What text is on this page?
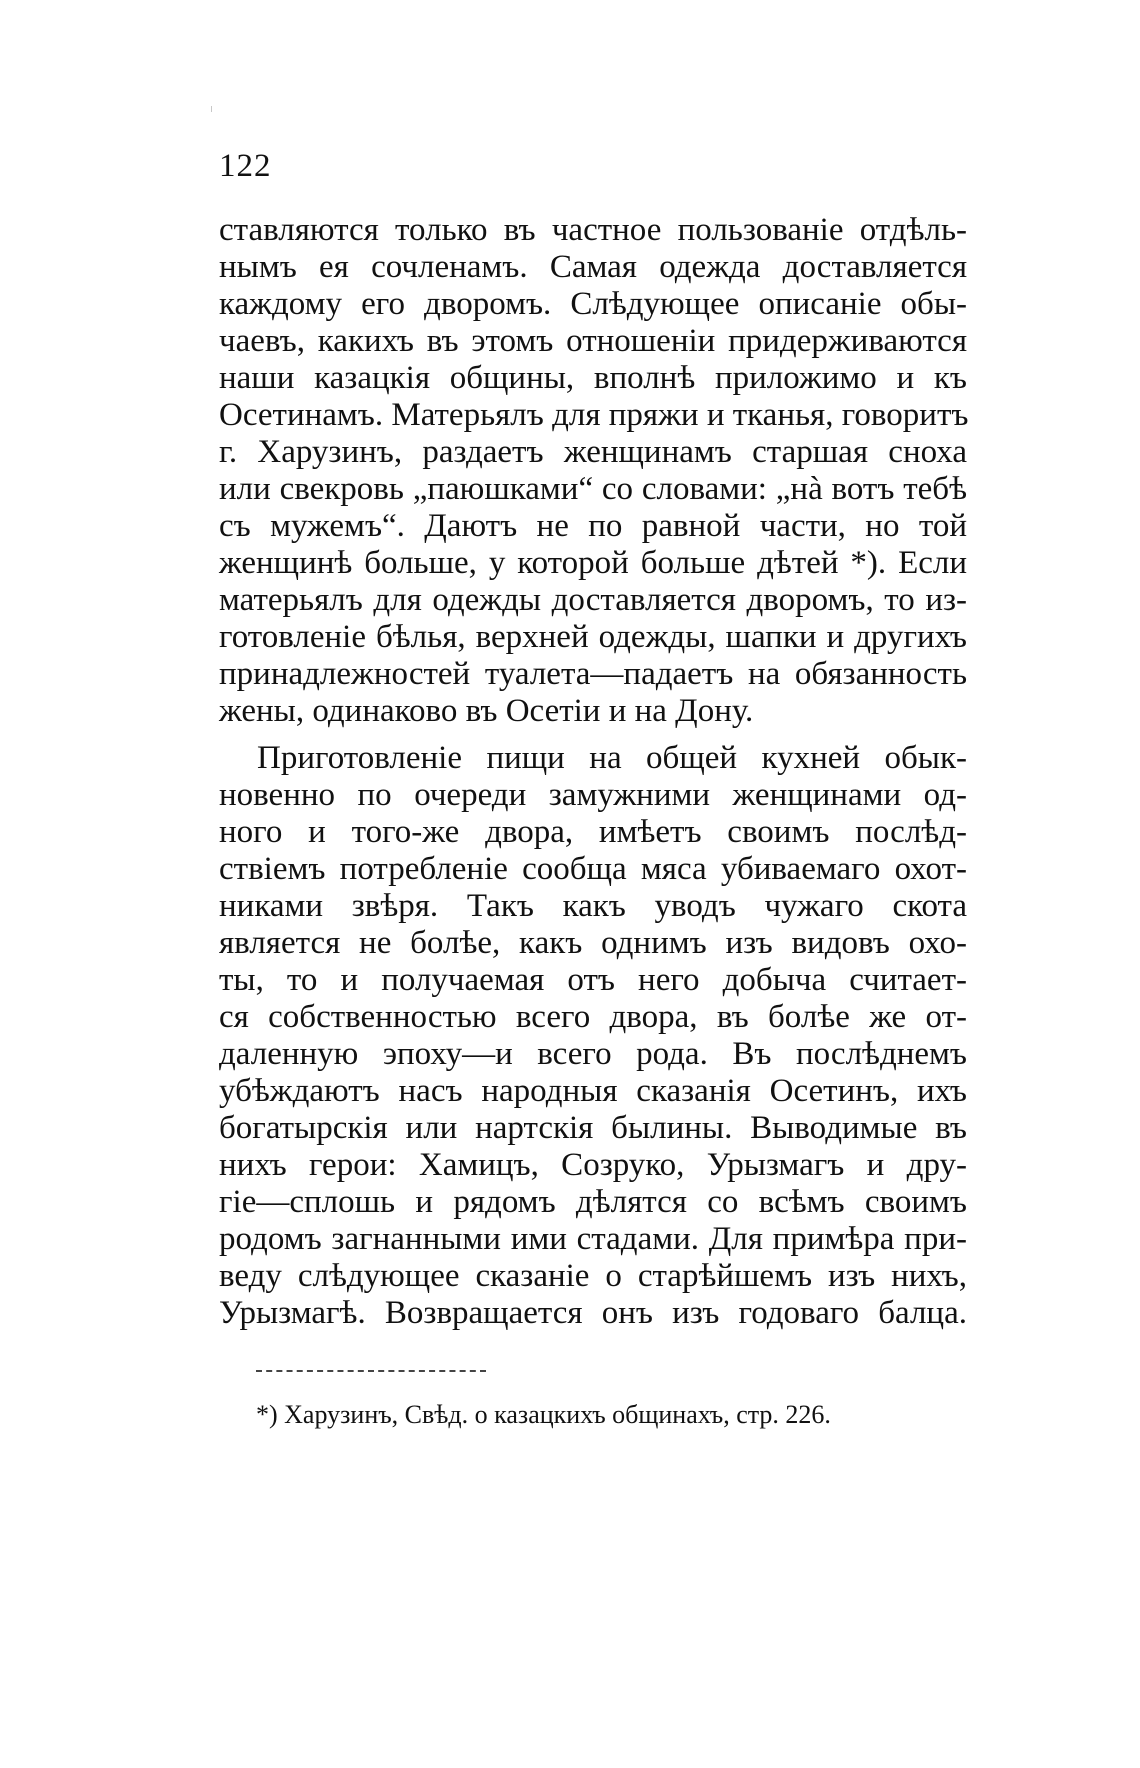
122
ставляются только въ частное пользованіе отдѣль-
нымъ ея сочленамъ. Самая одежда доставляется
каждому его дворомъ. Слѣдующее описаніе обы-
чаевъ, какихъ въ этомъ отношеніи придерживаются
наши казацкія общины, вполнѣ приложимо и къ
Осетинамъ. Матерьялъ для пряжи и тканья, говоритъ
г. Харузинъ, раздаетъ женщинамъ старшая сноха
или свекровь „паюшками“ со словами: „нà вотъ тебѣ
съ мужемъ“. Даютъ не по равной части, но той
женщинѣ больше, у которой больше дѣтей *). Если
матерьялъ для одежды доставляется дворомъ, то из-
готовленіе бѣлья, верхней одежды, шапки и другихъ
принадлежностей туалета—падаетъ на обязанность
жены, одинаково въ Осетіи и на Дону.
Приготовленіе пищи на общей кухней обык-
новенно по очереди замужними женщинами од-
ного и того-же двора, имѣетъ своимъ послѣд-
ствіемъ потребленіе сообща мяса убиваемаго охот-
никами звѣря. Такъ какъ уводъ чужаго скота
является не болѣе, какъ однимъ изъ видовъ охо-
ты, то и получаемая отъ него добыча считает-
ся собственностью всего двора, въ болѣе же от-
даленную эпоху—и всего рода. Въ послѣднемъ
убѣждаютъ насъ народныя сказанія Осетинъ, ихъ
богатырскія или нартскія былины. Выводимые въ
нихъ герои: Хамицъ, Созруко, Урызмагъ и дру-
гіе—сплошь и рядомъ дѣлятся со всѣмъ своимъ
родомъ загнанными ими стадами. Для примѣра при-
веду слѣдующее сказаніе о старѣйшемъ изъ нихъ,
Урызмагѣ. Возвращается онъ изъ годоваго балца.
*) Харузинъ, Свѣд. о казацкихъ общинахъ, стр. 226.
